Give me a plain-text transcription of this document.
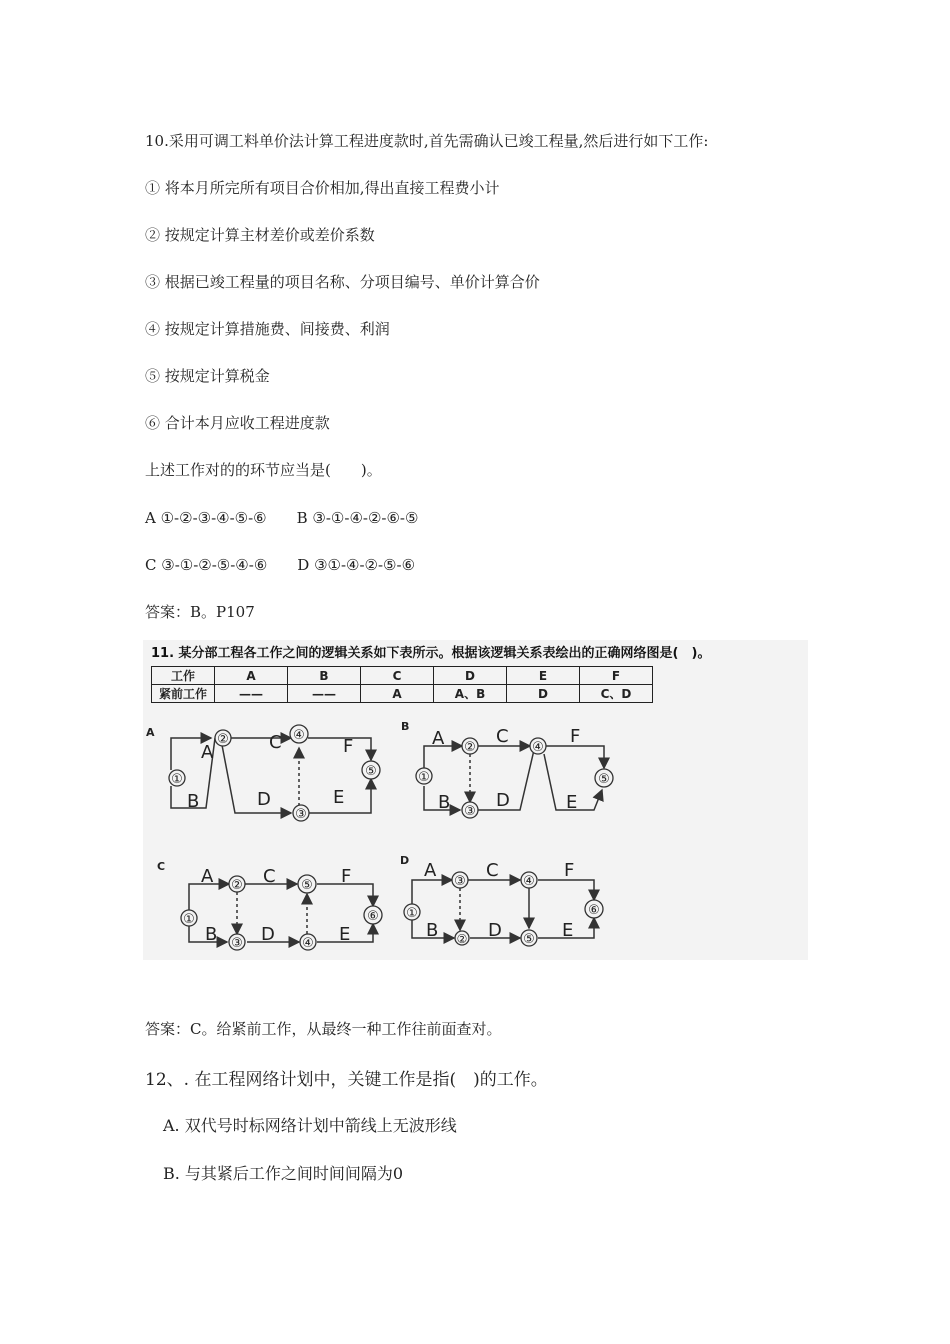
10.采用可调工料单价法计算工程进度款时,首先需确认已竣工程量,然后进行如下工作:
① 将本月所完所有项目合价相加,得出直接工程费小计
② 按规定计算主材差价或差价系数
③ 根据已竣工程量的项目名称、分项目编号、单价计算合价
④ 按规定计算措施费、间接费、利润
⑤ 按规定计算税金
⑥ 合计本月应收工程进度款
上述工作对的的环节应当是(　　)。
A ①-②-③-④-⑤-⑥　　B ③-①-④-②-⑥-⑤
C ③-①-②-⑤-④-⑥　　D ③①-④-②-⑤-⑥
答案：B。P107
11. 某分部工程各工作之间的逻辑关系如下表所示。根据该逻辑关系表绘出的正确网络图是(　)。
工作	A	B	C	D	E	F
紧前工作	——	——	A	A、B	D	C、D
A
①
②
③
④
⑤
A
B
C
D	E
F
B
①
②
③
④
⑤
A
B
C
D	E
F
C
①
②
③	④
⑤
⑥
A
B
C
D	E
F
D
①
②
③	④
⑤
⑥
A
B
C
D	E
F
答案：C。给紧前工作，从最终一种工作往前面查对。
12、. 在工程网络计划中，关键工作是指(　)的工作。
A. 双代号时标网络计划中箭线上无波形线
B. 与其紧后工作之间时间间隔为0
